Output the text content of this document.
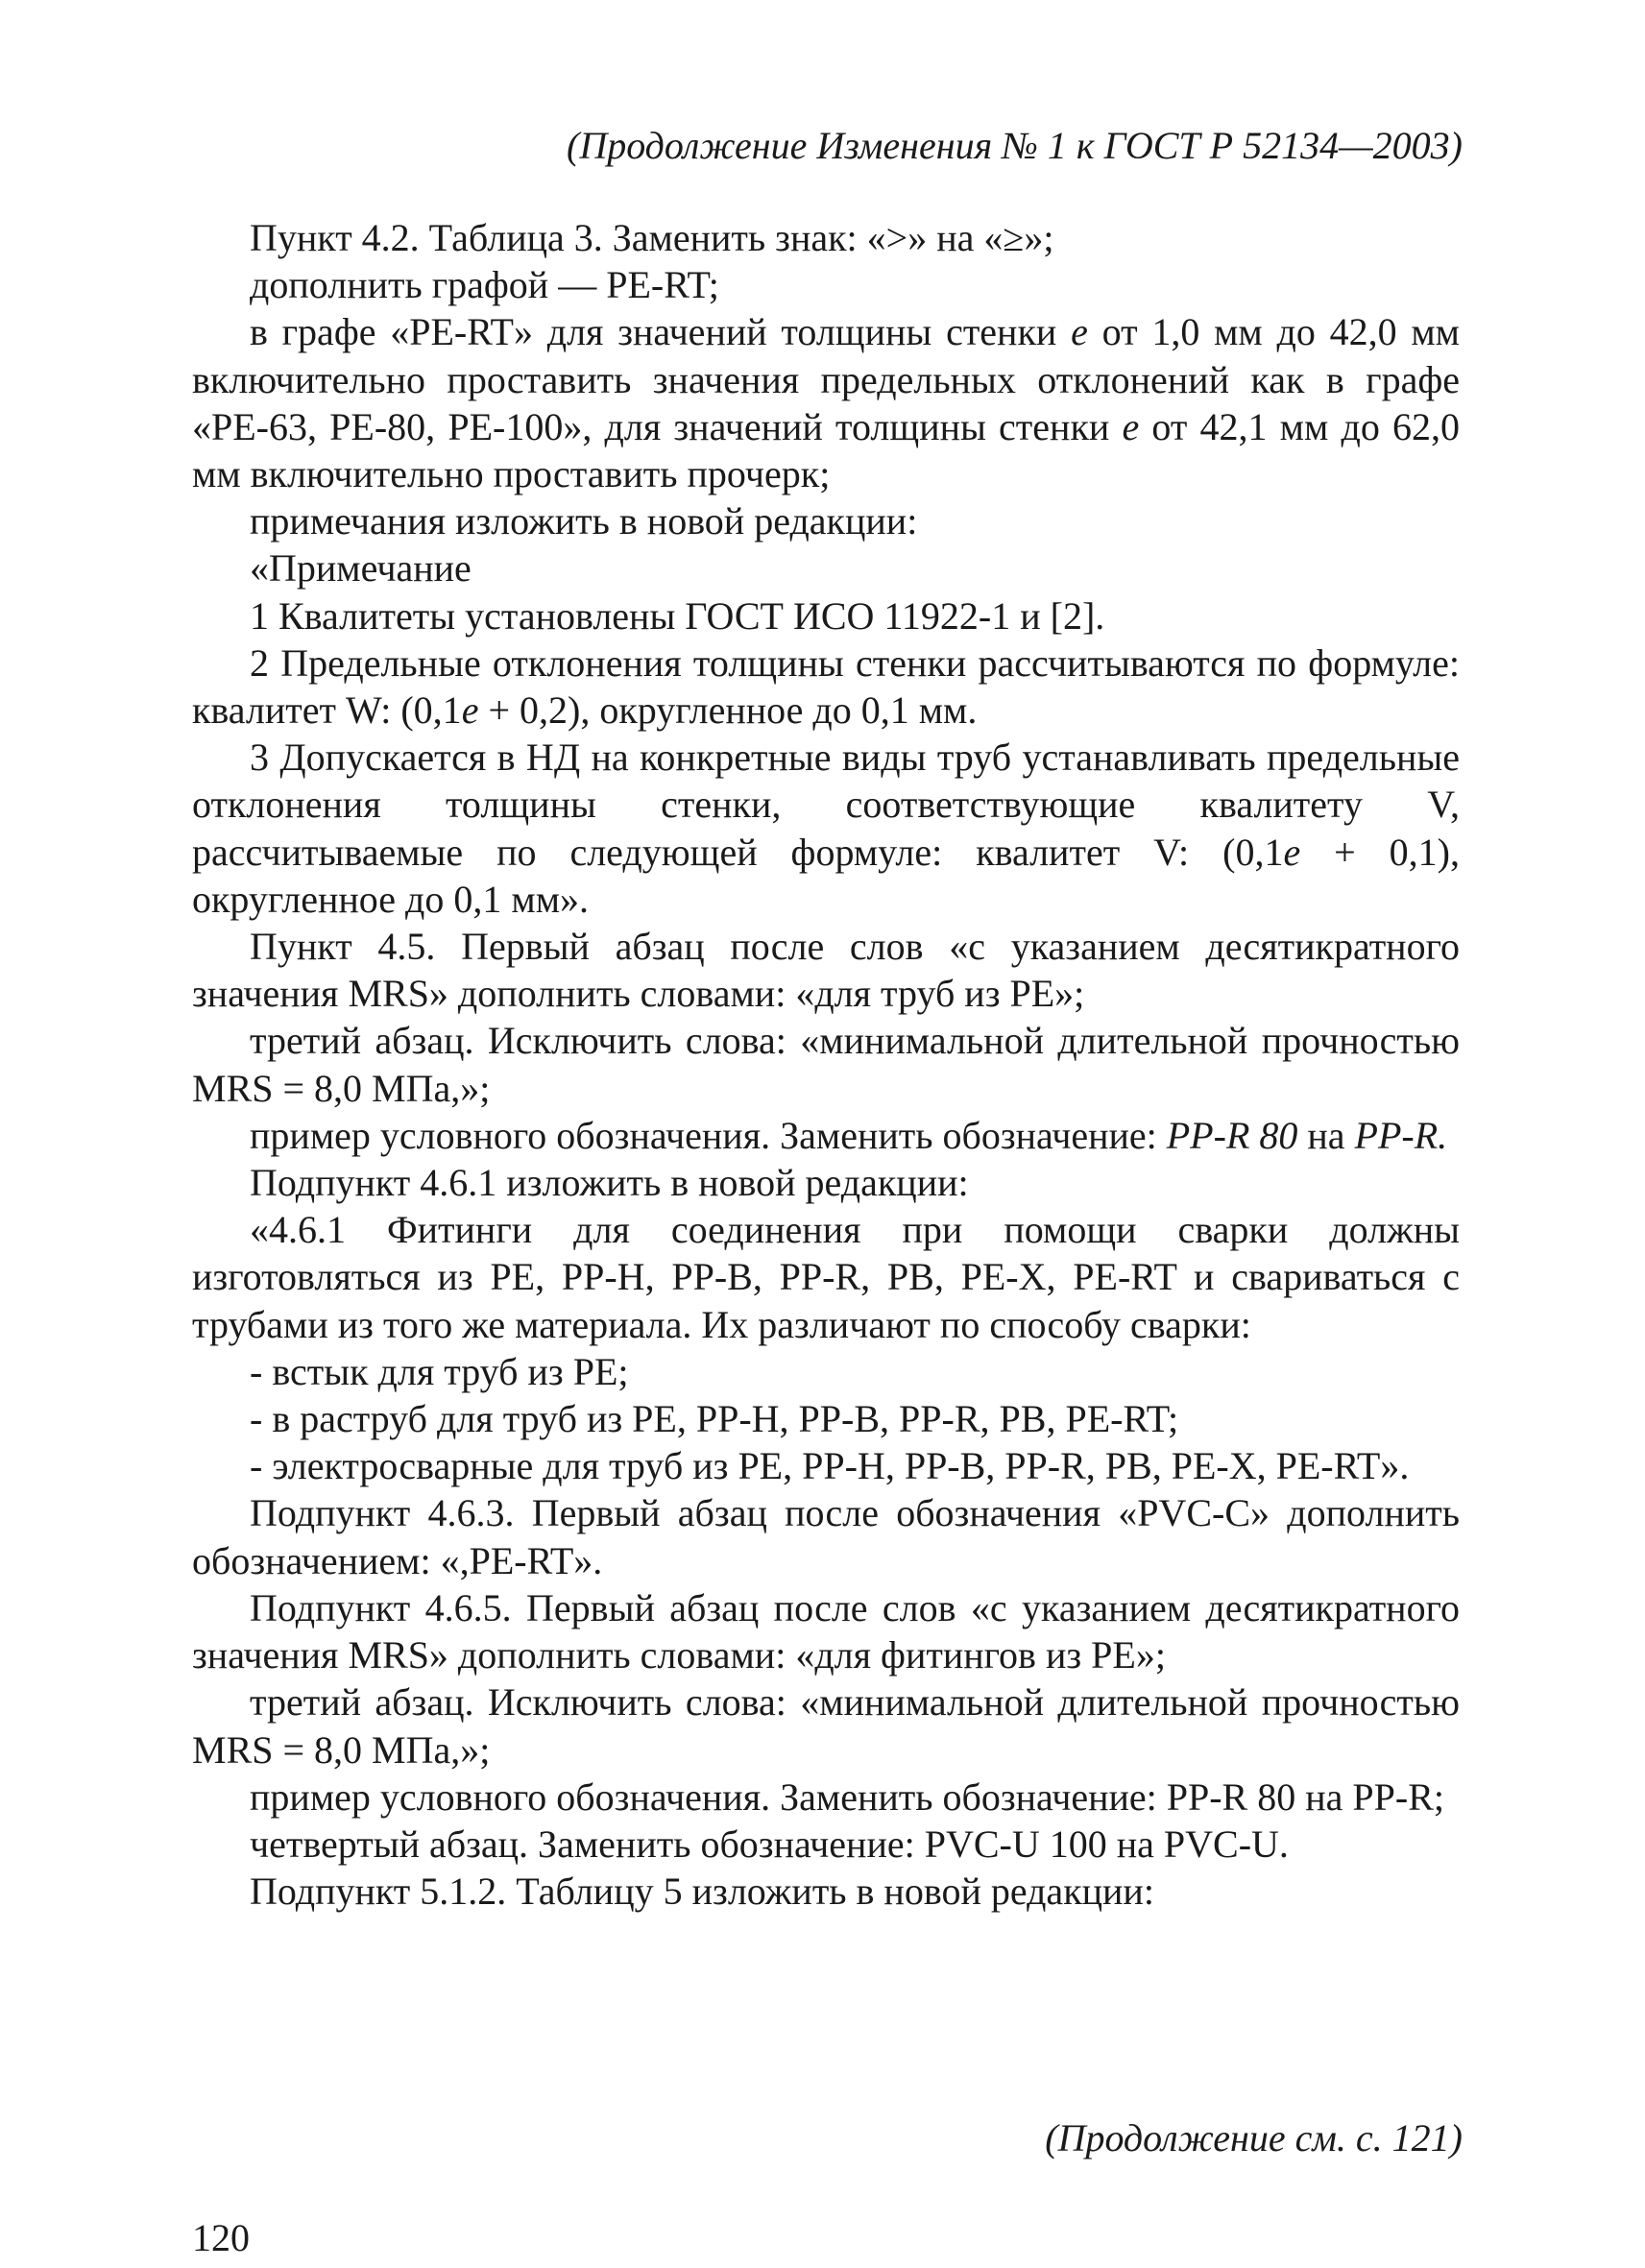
(Продолжение Изменения № 1 к ГОСТ Р 52134—2003)

Пункт 4.2. Таблица 3. Заменить знак: «>» на «≥»;

дополнить графой — PE-RT;

в графе «PE-RT» для значений толщины стенки e от 1,0 мм до 42,0 мм включительно проставить значения предельных отклонений как в графе «PE-63, PE-80, PE-100», для значений толщины стенки e от 42,1 мм до 62,0 мм включительно проставить прочерк;

примечания изложить в новой редакции:

«Примечание

1 Квалитеты установлены ГОСТ ИСО 11922-1 и [2].

2 Предельные отклонения толщины стенки рассчитываются по формуле: квалитет W: (0,1e + 0,2), округленное до 0,1 мм.

3 Допускается в НД на конкретные виды труб устанавливать предельные отклонения толщины стенки, соответствующие квалитету V, рассчитываемые по следующей формуле: квалитет V: (0,1e + 0,1), округленное до 0,1 мм».

Пункт 4.5. Первый абзац после слов «с указанием десятикратного значения MRS» дополнить словами: «для труб из PE»;

третий абзац. Исключить слова: «минимальной длительной прочностью MRS = 8,0 МПа,»;

пример условного обозначения. Заменить обозначение: PP-R 80 на PP-R.

Подпункт 4.6.1 изложить в новой редакции:

«4.6.1 Фитинги для соединения при помощи сварки должны изготовляться из PE, PP-H, PP-B, PP-R, PB, PE-X, PE-RT и свариваться с трубами из того же материала. Их различают по способу сварки:

- встык для труб из PE;

- в раструб для труб из PE, PP-H, PP-B, PP-R, PB, PE-RT;

- электросварные для труб из PE, PP-H, PP-B, PP-R, PB, PE-X, PE-RT».

Подпункт 4.6.3. Первый абзац после обозначения «PVC-C» дополнить обозначением: «,PE-RT».

Подпункт 4.6.5. Первый абзац после слов «с указанием десятикратного значения MRS» дополнить словами: «для фитингов из PE»;

третий абзац. Исключить слова: «минимальной длительной прочностью MRS = 8,0 МПа,»;

пример условного обозначения. Заменить обозначение: PP-R 80 на PP-R;

четвертый абзац. Заменить обозначение: PVC-U 100 на PVC-U.

Подпункт 5.1.2. Таблицу 5 изложить в новой редакции:

(Продолжение см. с. 121)
120
